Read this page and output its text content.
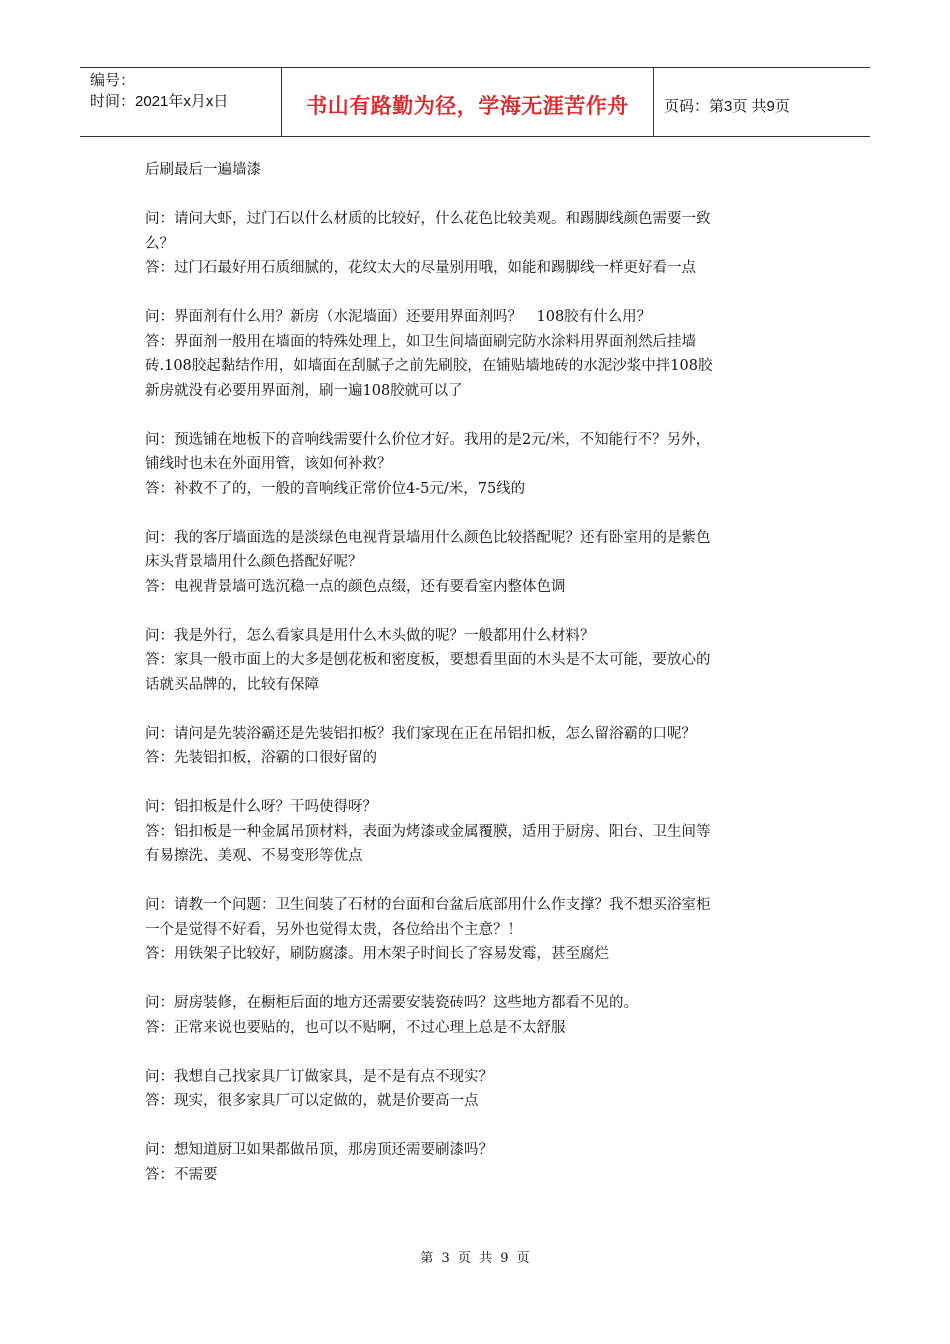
编号：
时间：2021年x月x日	书山有路勤为径，学海无涯苦作舟 页码：第3页 共9页
后刷最后一遍墙漆
问：请问大虾，过门石以什么材质的比较好，什么花色比较美观。和踢脚线颜色需要一致
么？
答：过门石最好用石质细腻的，花纹太大的尽量别用哦，如能和踢脚线一样更好看一点
问：界面剂有什么用？新房（水泥墙面）还要用界面剂吗？　108胶有什么用？
答：界面剂一般用在墙面的特殊处理上，如卫生间墙面刷完防水涂料用界面剂然后挂墙
砖.108胶起黏结作用，如墙面在刮腻子之前先刷胶，在铺贴墙地砖的水泥沙浆中拌108胶
新房就没有必要用界面剂，刷一遍108胶就可以了
问：预选铺在地板下的音响线需要什么价位才好。我用的是2元/米，不知能行不？另外，
铺线时也未在外面用管，该如何补救？
答：补救不了的，一般的音响线正常价位4-5元/米，75线的
问：我的客厅墙面选的是淡绿色电视背景墙用什么颜色比较搭配呢？还有卧室用的是紫色
床头背景墙用什么颜色搭配好呢？
答：电视背景墙可选沉稳一点的颜色点缀，还有要看室内整体色调
问：我是外行，怎么看家具是用什么木头做的呢？一般都用什么材料？
答：家具一般市面上的大多是刨花板和密度板，要想看里面的木头是不太可能，要放心的
话就买品牌的，比较有保障
问：请问是先装浴霸还是先装铝扣板？我们家现在正在吊铝扣板，怎么留浴霸的口呢？
答：先装铝扣板，浴霸的口很好留的
问：铝扣板是什么呀？干吗使得呀？
答：铝扣板是一种金属吊顶材料，表面为烤漆或金属覆膜，适用于厨房、阳台、卫生间等
有易擦洗、美观、不易变形等优点
问：请教一个问题：卫生间装了石材的台面和台盆后底部用什么作支撑？我不想买浴室柜
一个是觉得不好看，另外也觉得太贵，各位给出个主意？！
答：用铁架子比较好，刷防腐漆。用木架子时间长了容易发霉，甚至腐烂
问：厨房装修，在橱柜后面的地方还需要安装瓷砖吗？这些地方都看不见的。
答：正常来说也要贴的，也可以不贴啊，不过心理上总是不太舒服
问：我想自己找家具厂订做家具，是不是有点不现实？
答：现实，很多家具厂可以定做的，就是价要高一点
问：想知道厨卫如果都做吊顶，那房顶还需要刷漆吗？
答：不需要
第 3 页 共 9 页
